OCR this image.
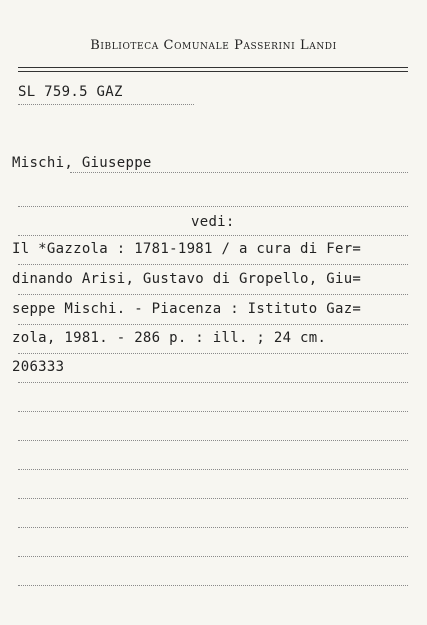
Biblioteca Comunale Passerini Landi
SL 759.5 GAZ
Mischi, Giuseppe
vedi:
Il *Gazzola : 1781-1981 / a cura di Fer=
dinando Arisi, Gustavo di Gropello, Giu=
seppe Mischi. - Piacenza : Istituto Gaz=
zola, 1981. - 286 p. : ill. ; 24 cm.
206333
